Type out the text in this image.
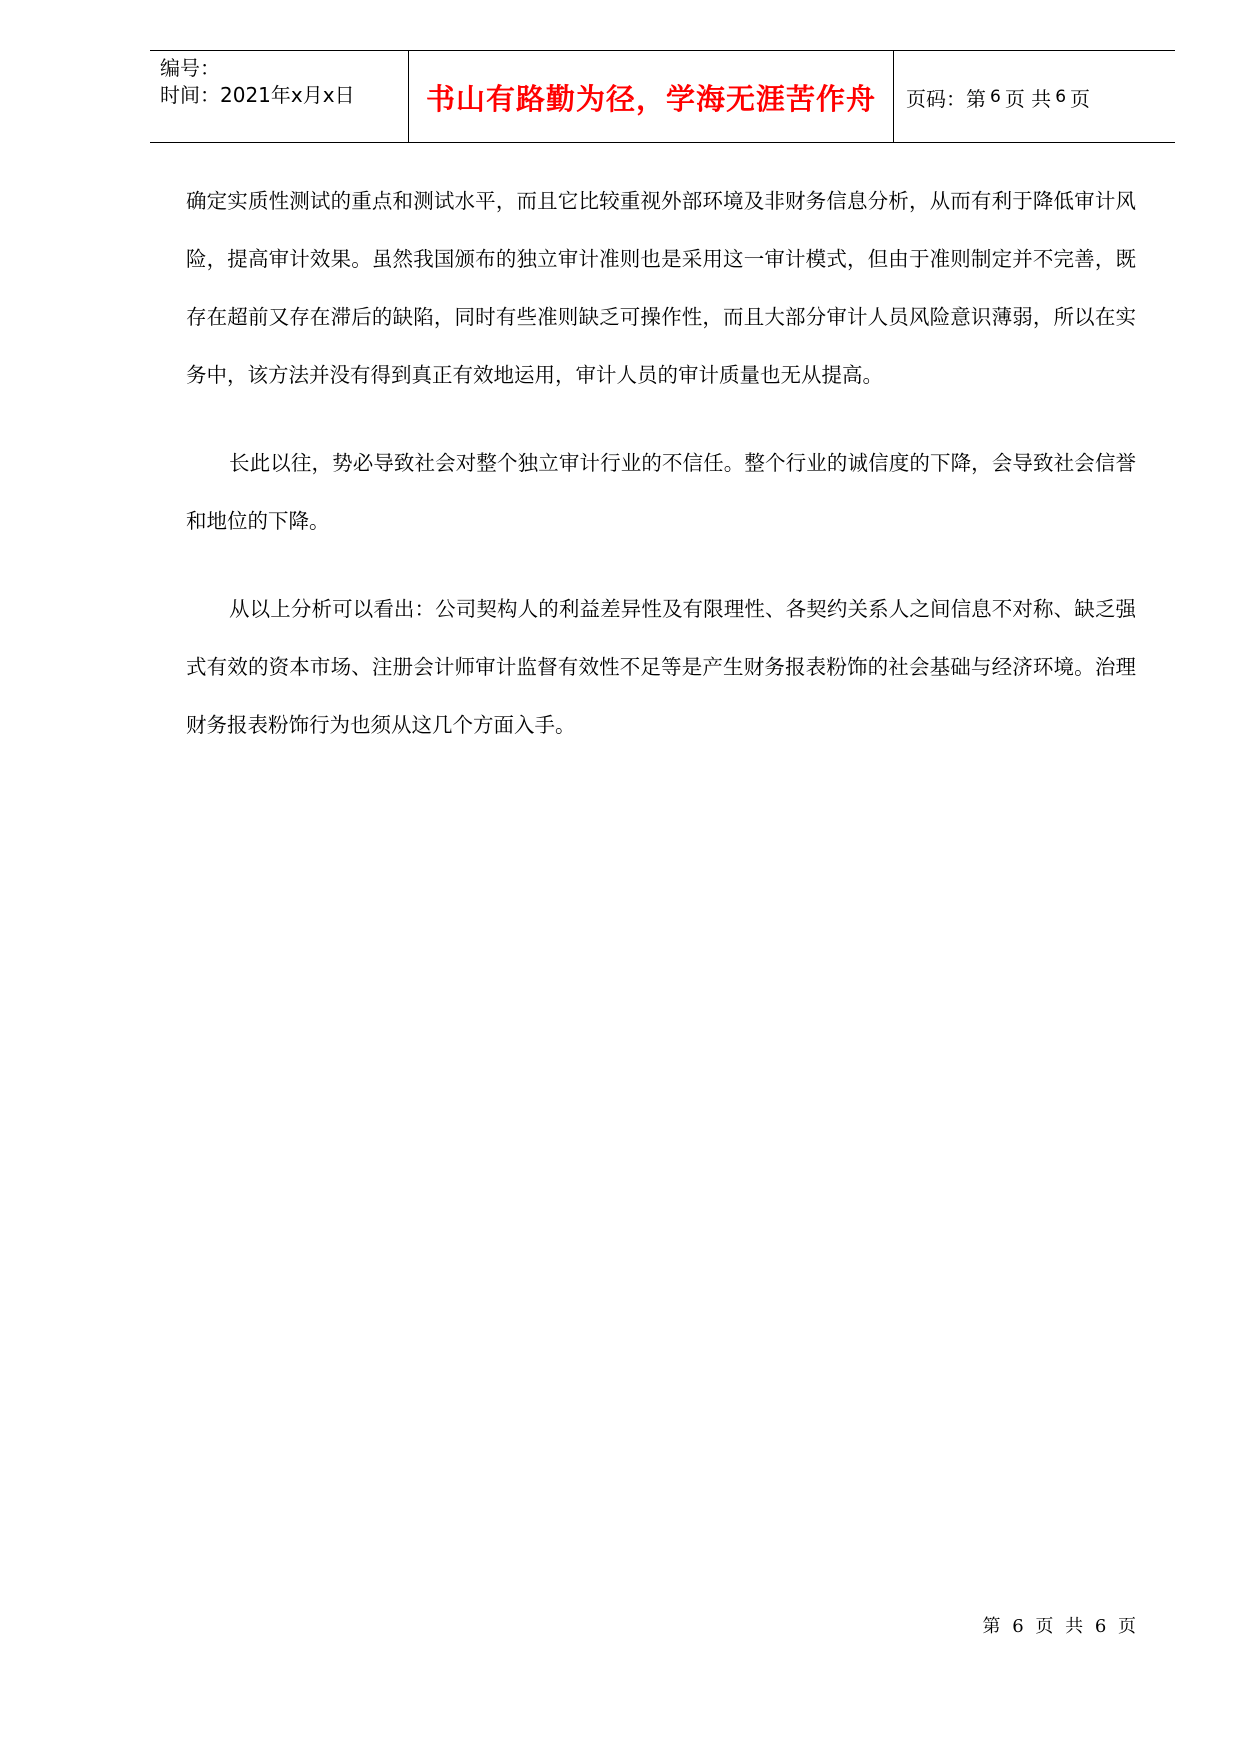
编号：
时间：2021年x月x日	书山有路勤为径，学海无涯苦作舟 页码：第 6 页 共 6 页

确定实质性测试的重点和测试水平，而且它比较重视外部环境及非财务信息分析，从而有利于降低审计风险，提高审计效果。虽然我国颁布的独立审计准则也是采用这一审计模式，但由于准则制定并不完善，既存在超前又存在滞后的缺陷，同时有些准则缺乏可操作性，而且大部分审计人员风险意识薄弱，所以在实务中，该方法并没有得到真正有效地运用，审计人员的审计质量也无从提高。

长此以往，势必导致社会对整个独立审计行业的不信任。整个行业的诚信度的下降，会导致社会信誉和地位的下降。

从以上分析可以看出：公司契构人的利益差异性及有限理性、各契约关系人之间信息不对称、缺乏强式有效的资本市场、注册会计师审计监督有效性不足等是产生财务报表粉饰的社会基础与经济环境。治理财务报表粉饰行为也须从这几个方面入手。

第 6 页 共 6 页
